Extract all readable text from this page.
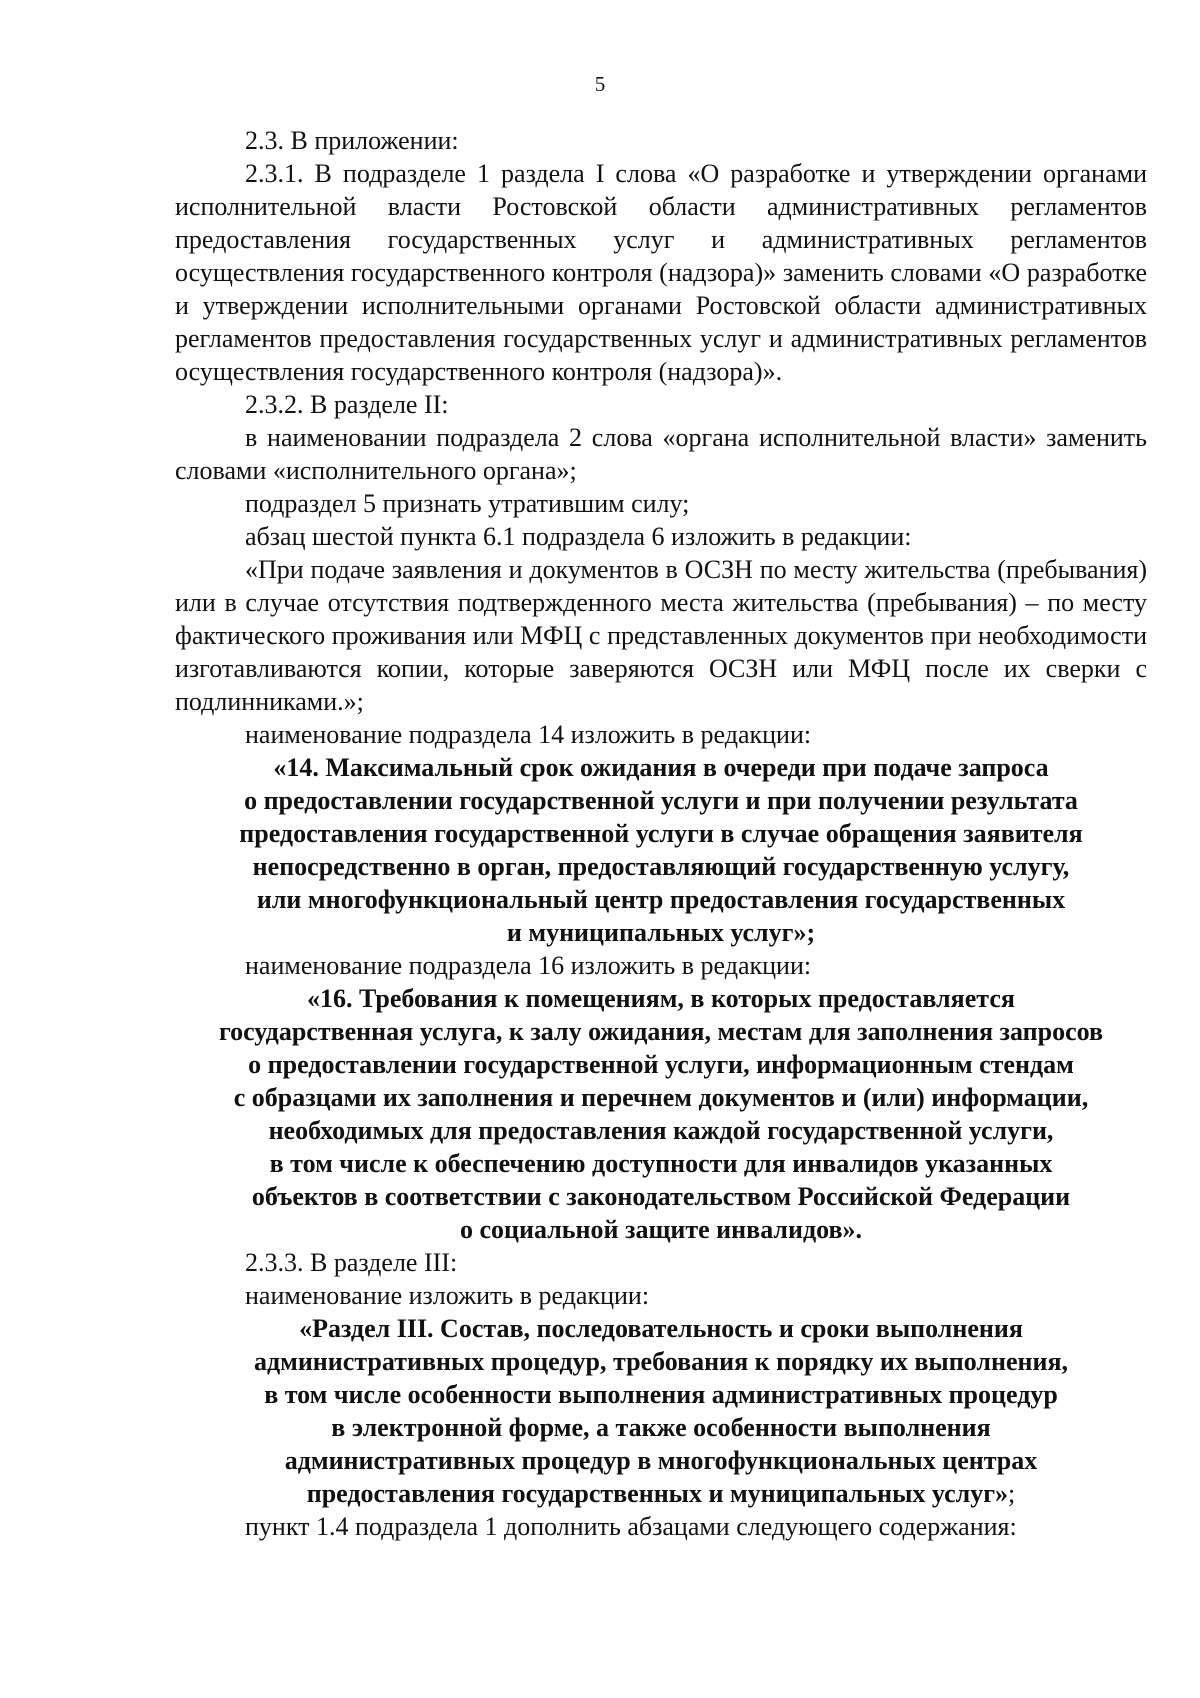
5

2.3. В приложении:

2.3.1. В подразделе 1 раздела I слова «О разработке и утверждении органами исполнительной власти Ростовской области административных регламентов предоставления государственных услуг и административных регламентов осуществления государственного контроля (надзора)» заменить словами «О разработке и утверждении исполнительными органами Ростовской области административных регламентов предоставления государственных услуг и административных регламентов осуществления государственного контроля (надзора)».

2.3.2. В разделе II:

в наименовании подраздела 2 слова «органа исполнительной власти» заменить словами «исполнительного органа»;

подраздел 5 признать утратившим силу;

абзац шестой пункта 6.1 подраздела 6 изложить в редакции:

«При подаче заявления и документов в ОСЗН по месту жительства (пребывания) или в случае отсутствия подтвержденного места жительства (пребывания) – по месту фактического проживания или МФЦ с представленных документов при необходимости изготавливаются копии, которые заверяются ОСЗН или МФЦ после их сверки с подлинниками.»;

наименование подраздела 14 изложить в редакции:

«14. Максимальный срок ожидания в очереди при подаче запроса
о предоставлении государственной услуги и при получении результата
предоставления государственной услуги в случае обращения заявителя
непосредственно в орган, предоставляющий государственную услугу,
или многофункциональный центр предоставления государственных
и муниципальных услуг»;

наименование подраздела 16 изложить в редакции:

«16. Требования к помещениям, в которых предоставляется
государственная услуга, к залу ожидания, местам для заполнения запросов
о предоставлении государственной услуги, информационным стендам
с образцами их заполнения и перечнем документов и (или) информации,
необходимых для предоставления каждой государственной услуги,
в том числе к обеспечению доступности для инвалидов указанных
объектов в соответствии с законодательством Российской Федерации
о социальной защите инвалидов».

2.3.3. В разделе III:

наименование изложить в редакции:

«Раздел III. Состав, последовательность и сроки выполнения
административных процедур, требования к порядку их выполнения,
в том числе особенности выполнения административных процедур
в электронной форме, а также особенности выполнения
административных процедур в многофункциональных центрах
предоставления государственных и муниципальных услуг»;

пункт 1.4 подраздела 1 дополнить абзацами следующего содержания:
